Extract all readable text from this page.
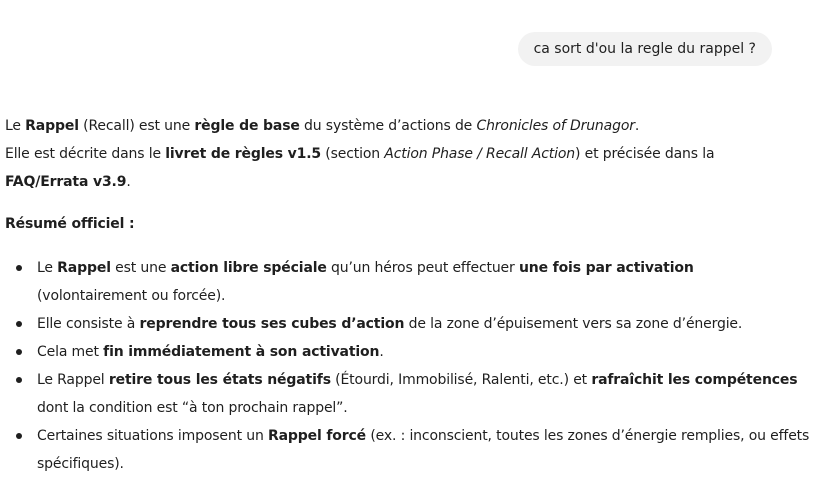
ca sort d'ou la regle du rappel ?

Le Rappel (Recall) est une règle de base du système d’actions de Chronicles of Drunagor.
Elle est décrite dans le livret de règles v1.5 (section Action Phase / Recall Action) et précisée dans la
FAQ/Errata v3.9.

Résumé officiel :

Le Rappel est une action libre spéciale qu’un héros peut effectuer une fois par activation
(volontairement ou forcée).
Elle consiste à reprendre tous ses cubes d’action de la zone d’épuisement vers sa zone d’énergie.
Cela met fin immédiatement à son activation.
Le Rappel retire tous les états négatifs (Étourdi, Immobilisé, Ralenti, etc.) et rafraîchit les compétences
dont la condition est “à ton prochain rappel”.
Certaines situations imposent un Rappel forcé (ex. : inconscient, toutes les zones d’énergie remplies, ou effets spécifiques).
